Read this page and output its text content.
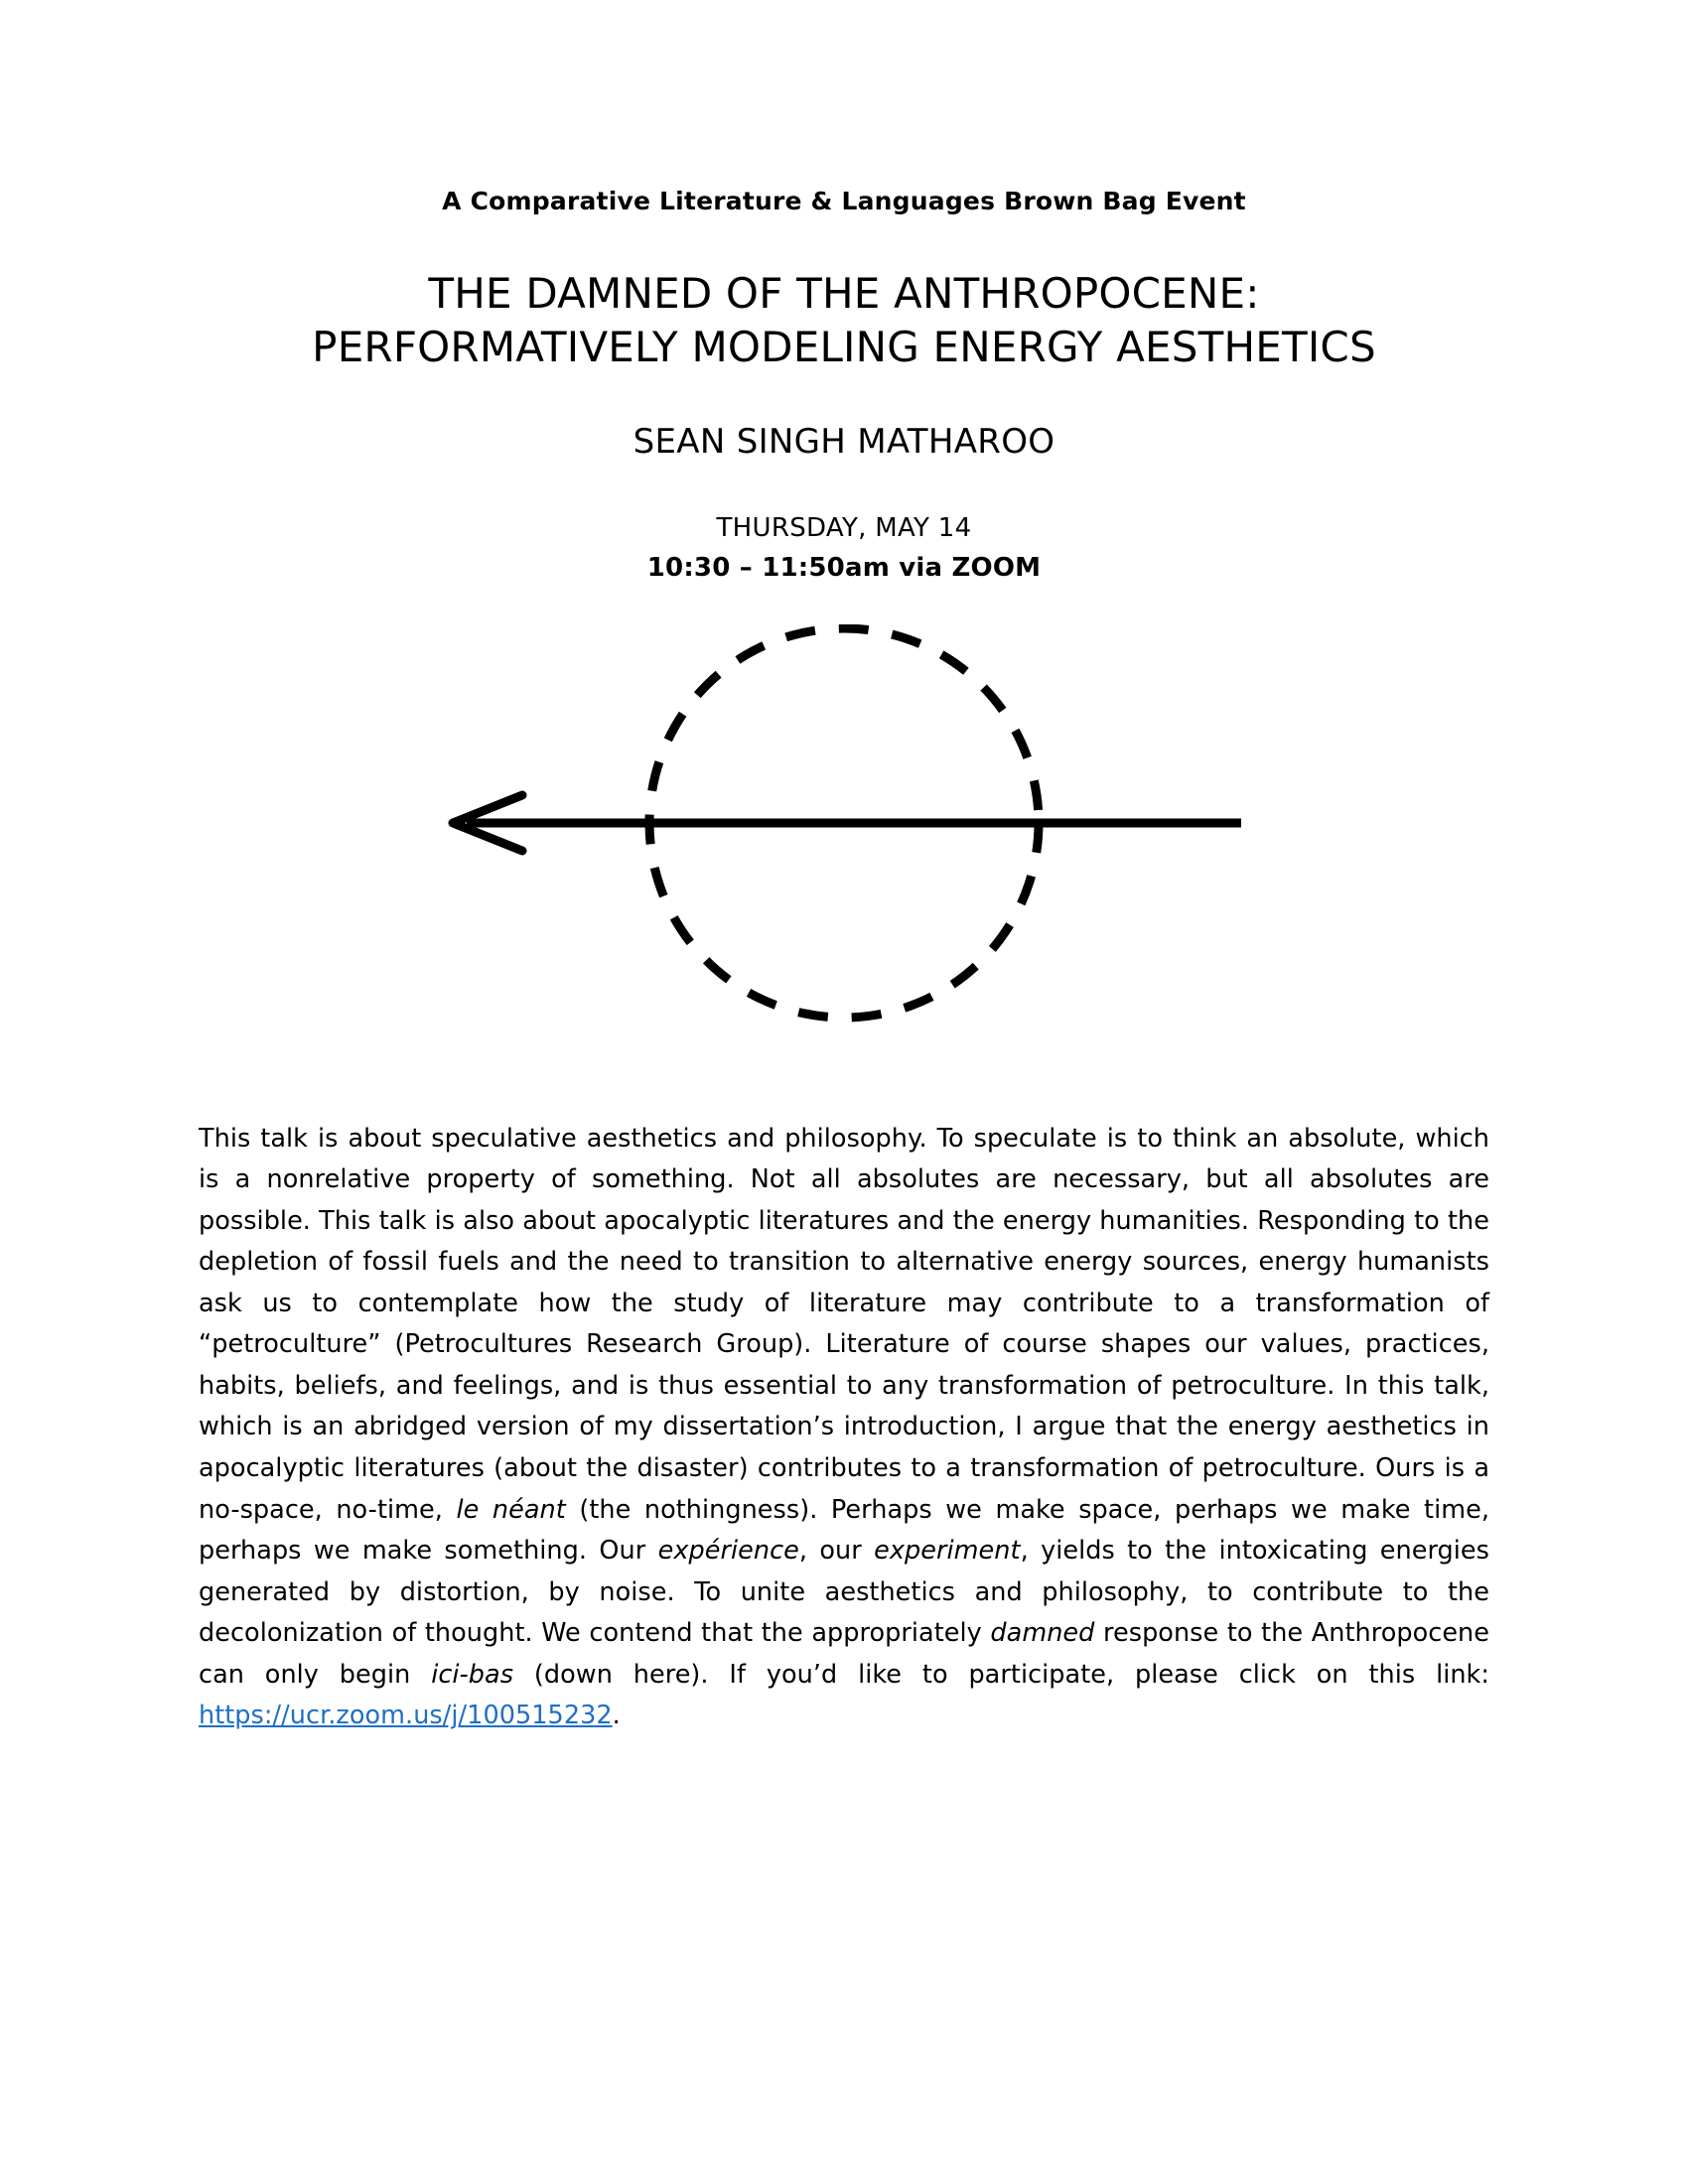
A Comparative Literature & Languages Brown Bag Event
THE DAMNED OF THE ANTHROPOCENE:
PERFORMATIVELY MODELING ENERGY AESTHETICS
SEAN SINGH MATHAROO
THURSDAY, MAY 14
10:30 – 11:50am via ZOOM
This talk is about speculative aesthetics and philosophy. To speculate is to think an absolute, which is a nonrelative property of something. Not all absolutes are necessary, but all absolutes are possible. This talk is also about apocalyptic literatures and the energy humanities. Responding to the depletion of fossil fuels and the need to transition to alternative energy sources, energy humanists ask us to contemplate how the study of literature may contribute to a transformation of “petroculture” (Petrocultures Research Group). Literature of course shapes our values, practices, habits, beliefs, and feelings, and is thus essential to any transformation of petroculture. In this talk, which is an abridged version of my dissertation’s introduction, I argue that the energy aesthetics in apocalyptic literatures (about the disaster) contributes to a transformation of petroculture. Ours is a no-space, no-time, le néant (the nothingness). Perhaps we make space, perhaps we make time, perhaps we make something. Our expérience, our experiment, yields to the intoxicating energies generated by distortion, by noise. To unite aesthetics and philosophy, to contribute to the decolonization of thought. We contend that the appropriately damned response to the Anthropocene can only begin ici-bas (down here). If you’d like to participate, please click on this link: https://ucr.zoom.us/j/100515232.
